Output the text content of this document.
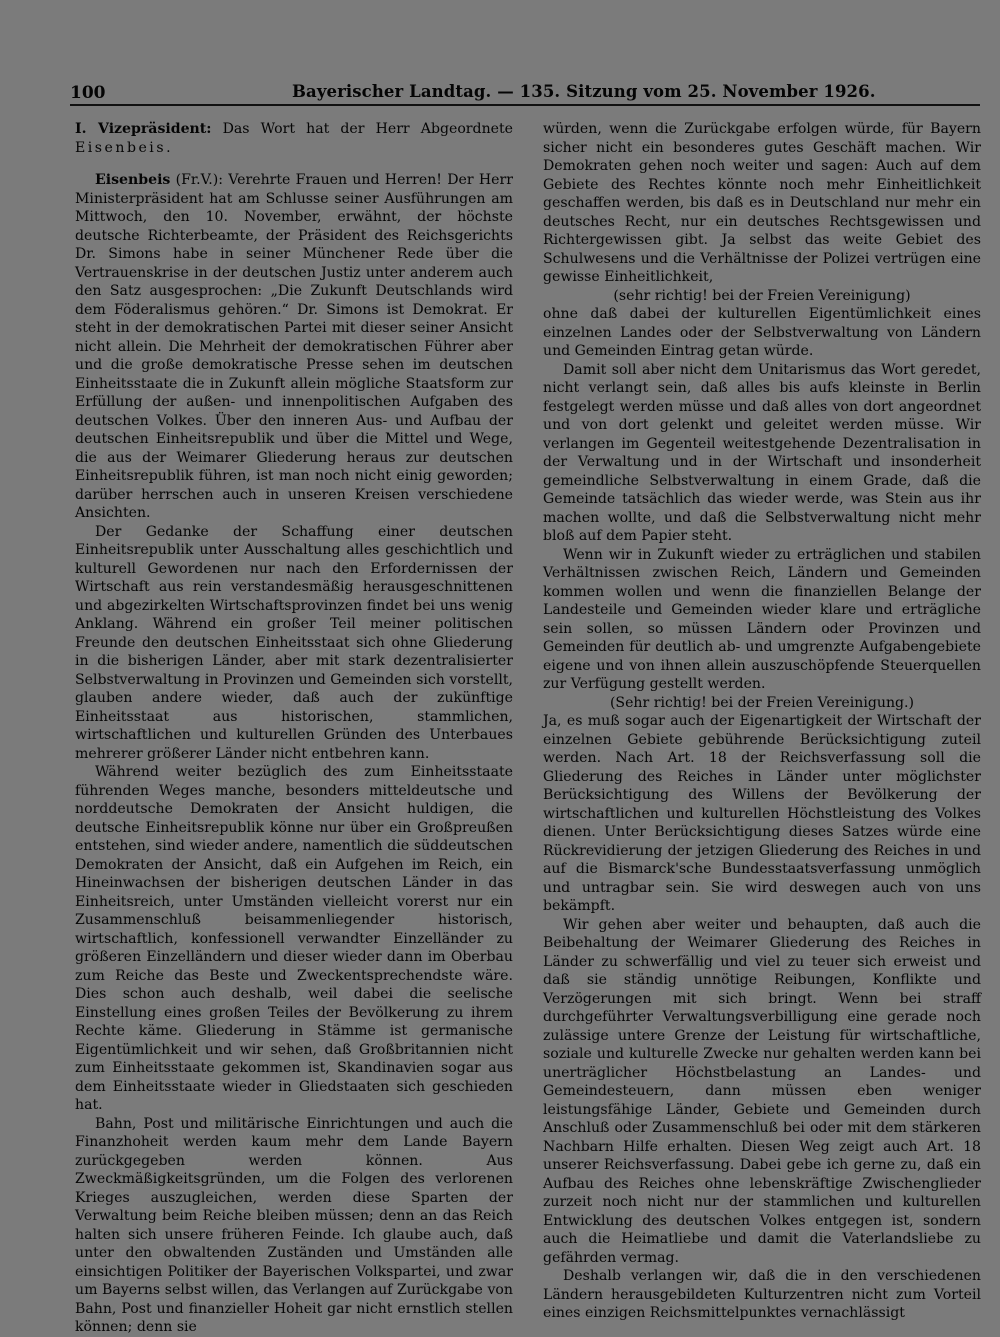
100	Bayerischer Landtag. — 135. Sitzung vom 25. November 1926.

I. Vizepräsident: Das Wort hat der Herr Abgeordnete Eisenbeis.

Eisenbeis (Fr.V.): Verehrte Frauen und Herren! Der Herr Ministerpräsident hat am Schlusse seiner Ausführungen am Mittwoch, den 10. November, erwähnt, der höchste deutsche Richterbeamte, der Präsident des Reichsgerichts Dr. Simons habe in seiner Münchener Rede über die Vertrauenskrise in der deutschen Justiz unter anderem auch den Satz ausgesprochen: „Die Zukunft Deutschlands wird dem Föderalismus gehören.“ Dr. Simons ist Demokrat. Er steht in der demokratischen Partei mit dieser seiner Ansicht nicht allein. Die Mehrheit der demokratischen Führer aber und die große demokratische Presse sehen im deutschen Einheitsstaate die in Zukunft allein mögliche Staatsform zur Erfüllung der außen- und innenpolitischen Aufgaben des deutschen Volkes. Über den inneren Aus- und Aufbau der deutschen Einheitsrepublik und über die Mittel und Wege, die aus der Weimarer Gliederung heraus zur deutschen Einheitsrepublik führen, ist man noch nicht einig geworden; darüber herrschen auch in unseren Kreisen verschiedene Ansichten.

Der Gedanke der Schaffung einer deutschen Einheitsrepublik unter Ausschaltung alles geschichtlich und kulturell Gewordenen nur nach den Erfordernissen der Wirtschaft aus rein verstandesmäßig herausgeschnittenen und abgezirkelten Wirtschaftsprovinzen findet bei uns wenig Anklang. Während ein großer Teil meiner politischen Freunde den deutschen Einheitsstaat sich ohne Gliederung in die bisherigen Länder, aber mit stark dezentralisierter Selbstverwaltung in Provinzen und Gemeinden sich vorstellt, glauben andere wieder, daß auch der zukünftige Einheitsstaat aus historischen, stammlichen, wirtschaftlichen und kulturellen Gründen des Unterbaues mehrerer größerer Länder nicht entbehren kann.

Während weiter bezüglich des zum Einheitsstaate führenden Weges manche, besonders mitteldeutsche und norddeutsche Demokraten der Ansicht huldigen, die deutsche Einheitsrepublik könne nur über ein Großpreußen entstehen, sind wieder andere, namentlich die süddeutschen Demokraten der Ansicht, daß ein Aufgehen im Reich, ein Hineinwachsen der bisherigen deutschen Länder in das Einheitsreich, unter Umständen vielleicht vorerst nur ein Zusammenschluß beisammenliegender historisch, wirtschaftlich, konfessionell verwandter Einzelländer zu größeren Einzelländern und dieser wieder dann im Oberbau zum Reiche das Beste und Zweckentsprechendste wäre. Dies schon auch deshalb, weil dabei die seelische Einstellung eines großen Teiles der Bevölkerung zu ihrem Rechte käme. Gliederung in Stämme ist germanische Eigentümlichkeit und wir sehen, daß Großbritannien nicht zum Einheitsstaate gekommen ist, Skandinavien sogar aus dem Einheitsstaate wieder in Gliedstaaten sich geschieden hat.

Bahn, Post und militärische Einrichtungen und auch die Finanzhoheit werden kaum mehr dem Lande Bayern zurückgegeben werden können. Aus Zweckmäßigkeitsgründen, um die Folgen des verlorenen Krieges auszugleichen, werden diese Sparten der Verwaltung beim Reiche bleiben müssen; denn an das Reich halten sich unsere früheren Feinde. Ich glaube auch, daß unter den obwaltenden Zuständen und Umständen alle einsichtigen Politiker der Bayerischen Volkspartei, und zwar um Bayerns selbst willen, das Verlangen auf Zurückgabe von Bahn, Post und finanzieller Hoheit gar nicht ernstlich stellen können; denn sie

würden, wenn die Zurückgabe erfolgen würde, für Bayern sicher nicht ein besonderes gutes Geschäft machen. Wir Demokraten gehen noch weiter und sagen: Auch auf dem Gebiete des Rechtes könnte noch mehr Einheitlichkeit geschaffen werden, bis daß es in Deutschland nur mehr ein deutsches Recht, nur ein deutsches Rechtsgewissen und Richtergewissen gibt. Ja selbst das weite Gebiet des Schulwesens und die Verhältnisse der Polizei vertrügen eine gewisse Einheitlichkeit,

(sehr richtig! bei der Freien Vereinigung)

ohne daß dabei der kulturellen Eigentümlichkeit eines einzelnen Landes oder der Selbstverwaltung von Ländern und Gemeinden Eintrag getan würde.

Damit soll aber nicht dem Unitarismus das Wort geredet, nicht verlangt sein, daß alles bis aufs kleinste in Berlin festgelegt werden müsse und daß alles von dort angeordnet und von dort gelenkt und geleitet werden müsse. Wir verlangen im Gegenteil weitestgehende Dezentralisation in der Verwaltung und in der Wirtschaft und insonderheit gemeindliche Selbstverwaltung in einem Grade, daß die Gemeinde tatsächlich das wieder werde, was Stein aus ihr machen wollte, und daß die Selbstverwaltung nicht mehr bloß auf dem Papier steht.

Wenn wir in Zukunft wieder zu erträglichen und stabilen Verhältnissen zwischen Reich, Ländern und Gemeinden kommen wollen und wenn die finanziellen Belange der Landesteile und Gemeinden wieder klare und erträgliche sein sollen, so müssen Ländern oder Provinzen und Gemeinden für deutlich ab- und umgrenzte Aufgabengebiete eigene und von ihnen allein auszuschöpfende Steuerquellen zur Verfügung gestellt werden.

(Sehr richtig! bei der Freien Vereinigung.)

Ja, es muß sogar auch der Eigenartigkeit der Wirtschaft der einzelnen Gebiete gebührende Berücksichtigung zuteil werden. Nach Art. 18 der Reichsverfassung soll die Gliederung des Reiches in Länder unter möglichster Berücksichtigung des Willens der Bevölkerung der wirtschaftlichen und kulturellen Höchstleistung des Volkes dienen. Unter Berücksichtigung dieses Satzes würde eine Rückrevidierung der jetzigen Gliederung des Reiches in und auf die Bismarck'sche Bundesstaatsverfassung unmöglich und untragbar sein. Sie wird deswegen auch von uns bekämpft.

Wir gehen aber weiter und behaupten, daß auch die Beibehaltung der Weimarer Gliederung des Reiches in Länder zu schwerfällig und viel zu teuer sich erweist und daß sie ständig unnötige Reibungen, Konflikte und Verzögerungen mit sich bringt. Wenn bei straff durchgeführter Verwaltungsverbilligung eine gerade noch zulässige untere Grenze der Leistung für wirtschaftliche, soziale und kulturelle Zwecke nur gehalten werden kann bei unerträglicher Höchstbelastung an Landes- und Gemeindesteuern, dann müssen eben weniger leistungsfähige Länder, Gebiete und Gemeinden durch Anschluß oder Zusammenschluß bei oder mit dem stärkeren Nachbarn Hilfe erhalten. Diesen Weg zeigt auch Art. 18 unserer Reichsverfassung. Dabei gebe ich gerne zu, daß ein Aufbau des Reiches ohne lebenskräftige Zwischenglieder zurzeit noch nicht nur der stammlichen und kulturellen Entwicklung des deutschen Volkes entgegen ist, sondern auch die Heimatliebe und damit die Vaterlandsliebe zu gefährden vermag.

Deshalb verlangen wir, daß die in den verschiedenen Ländern herausgebildeten Kulturzentren nicht zum Vorteil eines einzigen Reichsmittelpunktes vernachlässigt
